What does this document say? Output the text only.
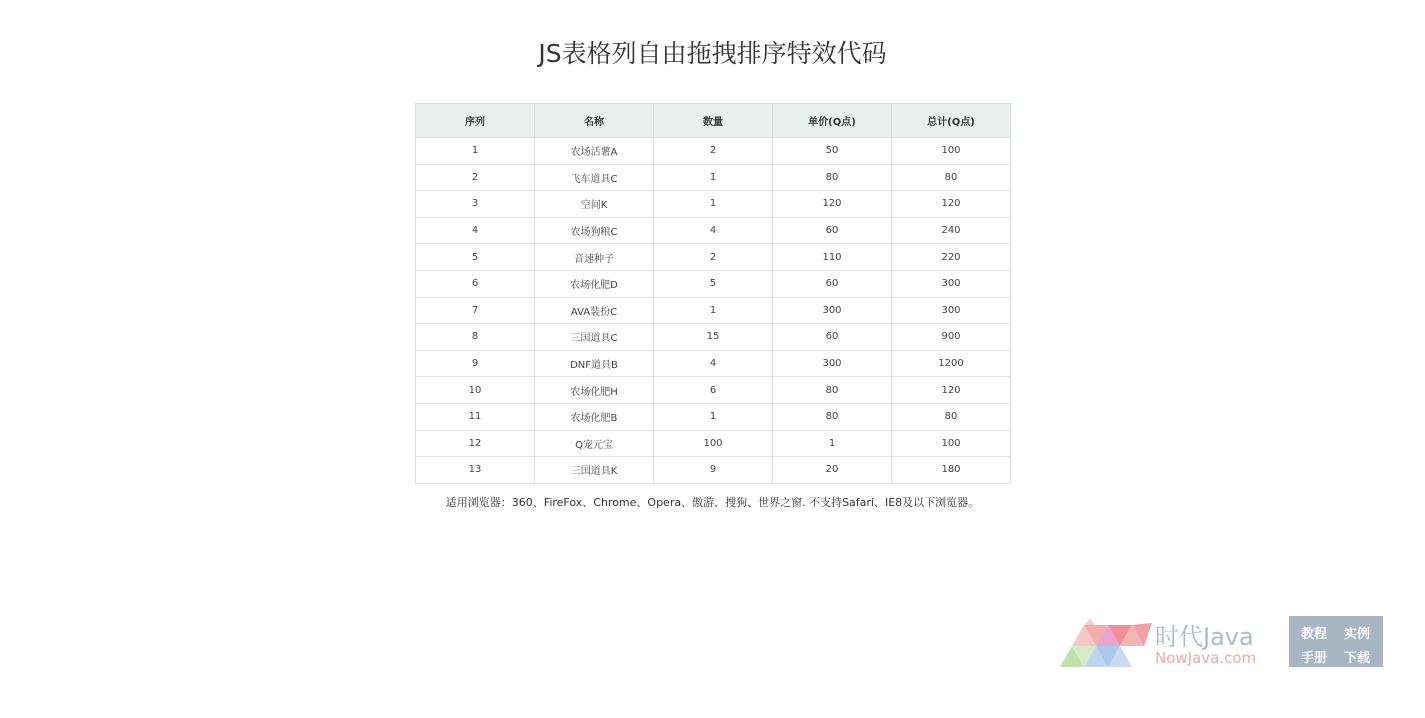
JS表格列自由拖拽排序特效代码
序列	名称	数量	单价(Q点)	总计(Q点)
1	农场活薯A	2	50	100
2	飞车道具C	1	80	80
3	空间K	1	120	120
4	农场狗粮C	4	60	240
5	音速种子	2	110	220
6	农场化肥D	5	60	300
7	AVA装扮C	1	300	300
8	三国道具C	15	60	900
9	DNF道具B	4	300	1200
10	农场化肥H	6	80	120
11	农场化肥B	1	80	80
12	Q宠元宝	100	1	100
13	三国道具K	9	20	180
适用浏览器：360、FireFox、Chrome、Opera、傲游、搜狗、世界之窗. 不支持Safari、IE8及以下浏览器。
时代Java
NowJava.com
教程 实例
手册 下载
